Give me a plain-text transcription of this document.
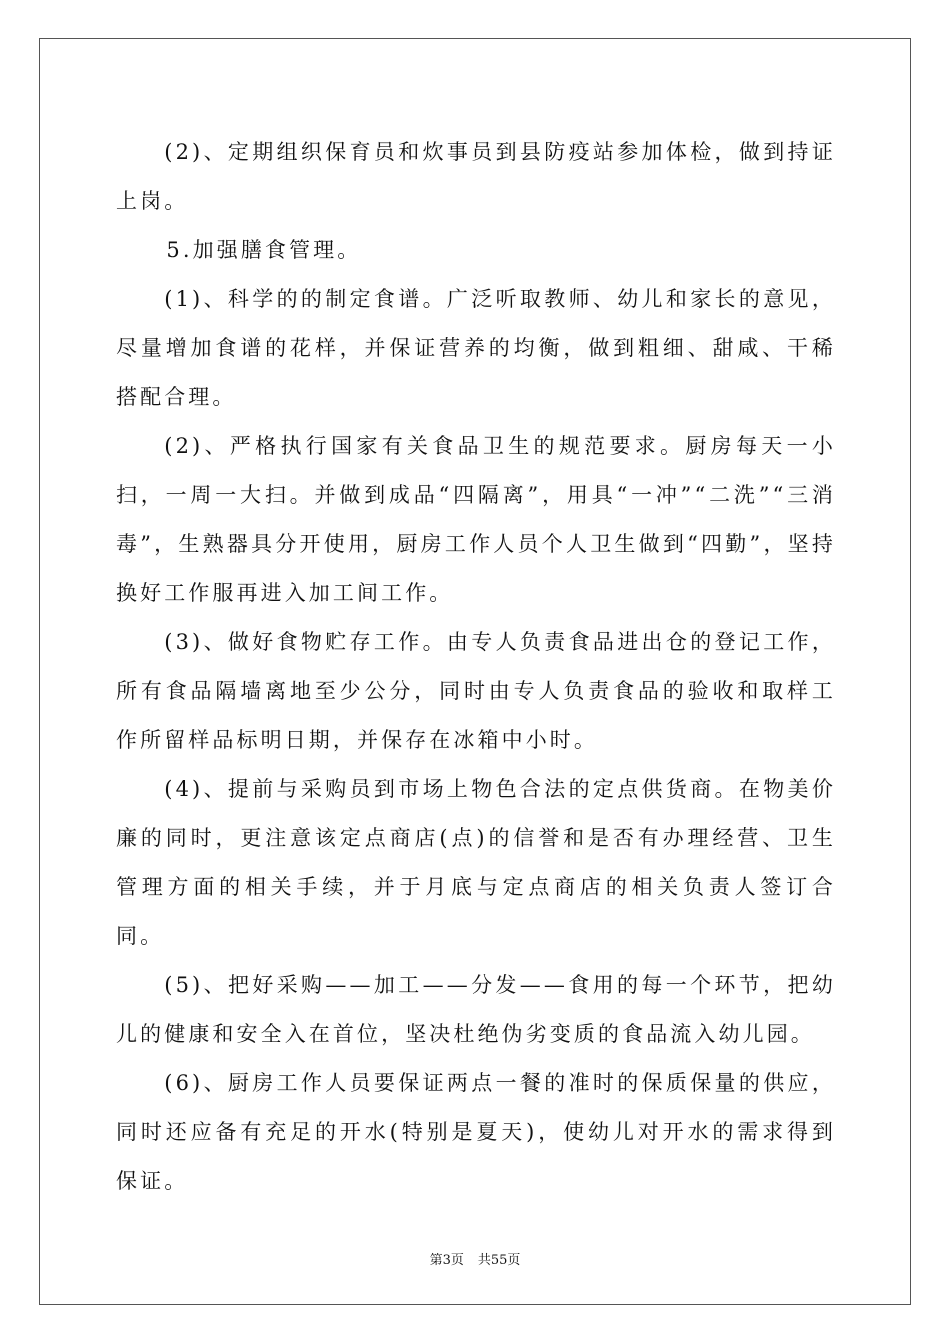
(2)、定期组织保育员和炊事员到县防疫站参加体检，做到持证上岗。

5.加强膳食管理。

(1)、科学的的制定食谱。广泛听取教师、幼儿和家长的意见，尽量增加食谱的花样，并保证营养的均衡，做到粗细、甜咸、干稀搭配合理。

(2)、严格执行国家有关食品卫生的规范要求。厨房每天一小扫，一周一大扫。并做到成品“四隔离”，用具“一冲”“二洗”“三消毒”，生熟器具分开使用，厨房工作人员个人卫生做到“四勤”，坚持换好工作服再进入加工间工作。

(3)、做好食物贮存工作。由专人负责食品进出仓的登记工作，所有食品隔墙离地至少公分，同时由专人负责食品的验收和取样工作所留样品标明日期，并保存在冰箱中小时。

(4)、提前与采购员到市场上物色合法的定点供货商。在物美价廉的同时，更注意该定点商店(点)的信誉和是否有办理经营、卫生管理方面的相关手续，并于月底与定点商店的相关负责人签订合同。

(5)、把好采购——加工——分发——食用的每一个环节，把幼儿的健康和安全入在首位，坚决杜绝伪劣变质的食品流入幼儿园。

(6)、厨房工作人员要保证两点一餐的准时的保质保量的供应，同时还应备有充足的开水(特别是夏天)，使幼儿对开水的需求得到保证。

第3页 共55页
